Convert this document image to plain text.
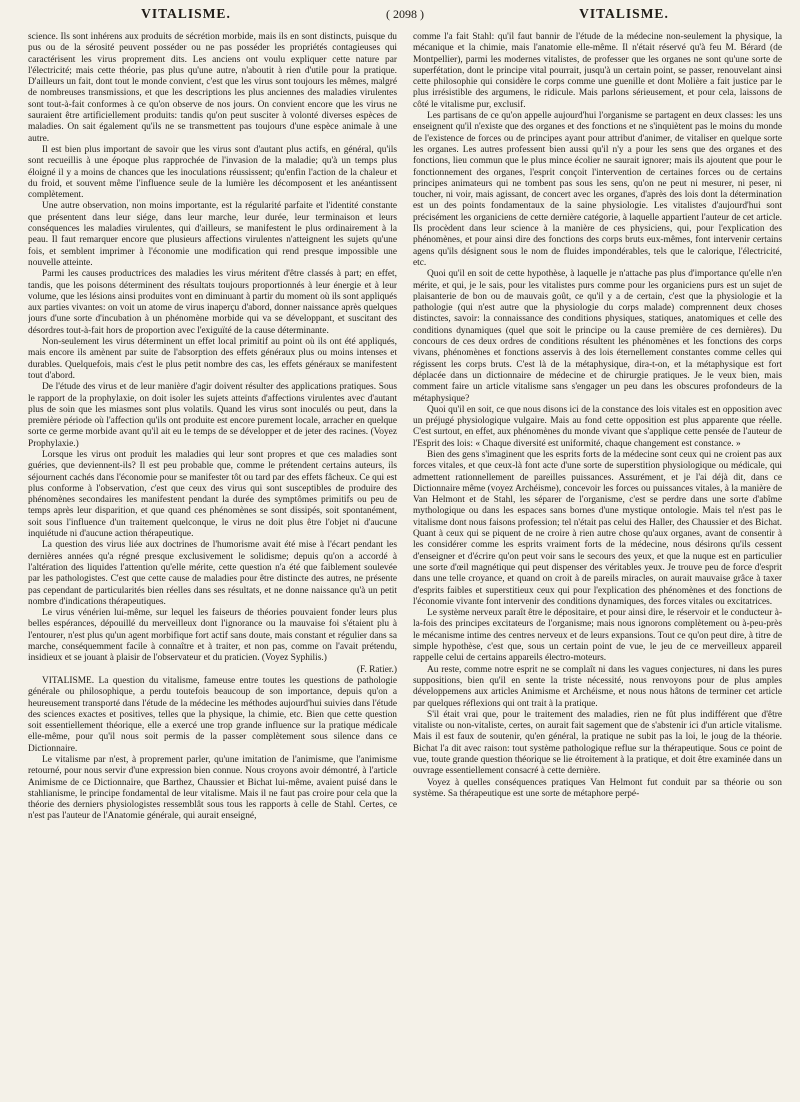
VITALISME.	( 2098 )	VITALISME.

science. Ils sont inhérens aux produits de sécrétion morbide, mais ils en sont distincts, puisque du pus ou de la sérosité peuvent posséder ou ne pas posséder les propriétés contagieuses qui caractérisent les virus proprement dits. Les anciens ont voulu expliquer cette nature par l'électricité; mais cette théorie, pas plus qu'une autre, n'aboutit à rien d'utile pour la pratique. D'ailleurs un fait, dont tout le monde convient, c'est que les virus sont toujours les mêmes, malgré de nombreuses transmissions, et que les descriptions les plus anciennes des maladies virulentes sont tout-à-fait conformes à ce qu'on observe de nos jours. On convient encore que les virus ne sauraient être artificiellement produits: tandis qu'on peut susciter à volonté diverses espèces de maladies. On sait également qu'ils ne se transmettent pas toujours d'une espèce animale à une autre.

Il est bien plus important de savoir que les virus sont d'autant plus actifs, en général, qu'ils sont recueillis à une époque plus rapprochée de l'invasion de la maladie; qu'à un temps plus éloigné il y a moins de chances que les inoculations réussissent; qu'enfin l'action de la chaleur et du froid, et souvent même l'influence seule de la lumière les décomposent et les anéantissent complètement.

Une autre observation, non moins importante, est la régularité parfaite et l'identité constante que présentent dans leur siége, dans leur marche, leur durée, leur terminaison et leurs conséquences les maladies virulentes, qui d'ailleurs, se manifestent le plus ordinairement à la peau. Il faut remarquer encore que plusieurs affections virulentes n'atteignent les sujets qu'une fois, et semblent imprimer à l'économie une modification qui rend presque impossible une nouvelle atteinte.

Parmi les causes productrices des maladies les virus méritent d'être classés à part; en effet, tandis, que les poisons déterminent des résultats toujours proportionnés à leur énergie et à leur volume, que les lésions ainsi produites vont en diminuant à partir du moment où ils sont appliqués aux parties vivantes: on voit un atome de virus inaperçu d'abord, donner naissance après quelques jours d'une sorte d'incubation à un phénomène morbide qui va se développant, et suscitant des désordres tout-à-fait hors de proportion avec l'exiguïté de la cause déterminante.

Non-seulement les virus déterminent un effet local primitif au point où ils ont été appliqués, mais encore ils amènent par suite de l'absorption des effets généraux plus ou moins intenses et durables. Quelquefois, mais c'est le plus petit nombre des cas, les effets généraux se manifestent tout d'abord.

De l'étude des virus et de leur manière d'agir doivent résulter des applications pratiques. Sous le rapport de la prophylaxie, on doit isoler les sujets atteints d'affections virulentes avec d'autant plus de soin que les miasmes sont plus volatils. Quand les virus sont inoculés ou peut, dans la première période où l'affection qu'ils ont produite est encore purement locale, arracher en quelque sorte ce germe morbide avant qu'il ait eu le temps de se développer et de jeter des racines. (Voyez Prophylaxie.)

Lorsque les virus ont produit les maladies qui leur sont propres et que ces maladies sont guéries, que deviennent-ils? Il est peu probable que, comme le prétendent certains auteurs, ils séjournent cachés dans l'économie pour se manifester tôt ou tard par des effets fâcheux. Ce qui est plus conforme à l'observation, c'est que ceux des virus qui sont susceptibles de produire des phénomènes secondaires les manifestent pendant la durée des symptômes primitifs ou peu de temps après leur disparition, et que quand ces phénomènes se sont dissipés, soit spontanément, soit sous l'influence d'un traitement quelconque, le virus ne doit plus être l'objet ni d'aucune inquiétude ni d'aucune action thérapeutique.

La question des virus liée aux doctrines de l'humorisme avait été mise à l'écart pendant les dernières années qu'a régné presque exclusivement le solidisme; depuis qu'on a accordé à l'altération des liquides l'attention qu'elle mérite, cette question n'a été que faiblement soulevée par les pathologistes. C'est que cette cause de maladies pour être distincte des autres, ne présente pas cependant de particularités bien réelles dans ses résultats, et ne donne naissance qu'à un petit nombre d'indications thérapeutiques.

Le virus vénérien lui-même, sur lequel les faiseurs de théories pouvaient fonder leurs plus belles espérances, dépouillé du merveilleux dont l'ignorance ou la mauvaise foi s'étaient plu à l'entourer, n'est plus qu'un agent morbifique fort actif sans doute, mais constant et régulier dans sa marche, conséquemment facile à connaître et à traiter, et non pas, comme on l'avait prétendu, insidieux et se jouant à plaisir de l'observateur et du praticien. (Voyez Syphilis.)

(F. Ratier.)

VITALISME. La question du vitalisme, fameuse entre toutes les questions de pathologie générale ou philosophique, a perdu toutefois beaucoup de son importance, depuis qu'on a heureusement transporté dans l'étude de la médecine les méthodes aujourd'hui suivies dans l'étude des sciences exactes et positives, telles que la physique, la chimie, etc. Bien que cette question soit essentiellement théorique, elle a exercé une trop grande influence sur la pratique médicale elle-même, pour qu'il nous soit permis de la passer complètement sous silence dans ce Dictionnaire.

Le vitalisme par n'est, à proprement parler, qu'une imitation de l'animisme, que l'animisme retourné, pour nous servir d'une expression bien connue. Nous croyons avoir démontré, à l'article Animisme de ce Dictionnaire, que Barthez, Chaussier et Bichat lui-même, avaient puisé dans le stahlianisme, le principe fondamental de leur vitalisme. Mais il ne faut pas croire pour cela que la théorie des derniers physiologistes ressemblât sous tous les rapports à celle de Stahl. Certes, ce n'est pas l'auteur de l'Anatomie générale, qui aurait enseigné,

comme l'a fait Stahl: qu'il faut bannir de l'étude de la médecine non-seulement la physique, la mécanique et la chimie, mais l'anatomie elle-même. Il n'était réservé qu'à feu M. Bérard (de Montpellier), parmi les modernes vitalistes, de professer que les organes ne sont qu'une sorte de superfétation, dont le principe vital pourrait, jusqu'à un certain point, se passer, renouvelant ainsi cette philosophie qui considère le corps comme une guenille et dont Molière a fait justice par le plus irrésistible des argumens, le ridicule. Mais parlons sérieusement, et pour cela, laissons de côté le vitalisme pur, exclusif.

Les partisans de ce qu'on appelle aujourd'hui l'organisme se partagent en deux classes: les uns enseignent qu'il n'existe que des organes et des fonctions et ne s'inquiètent pas le moins du monde de l'existence de forces ou de principes ayant pour attribut d'animer, de vitaliser en quelque sorte les organes. Les autres professent bien aussi qu'il n'y a pour les sens que des organes et des fonctions, lieu commun que le plus mince écolier ne saurait ignorer; mais ils ajoutent que pour le fonctionnement des organes, l'esprit conçoit l'intervention de certaines forces ou de certains principes animateurs qui ne tombent pas sous les sens, qu'on ne peut ni mesurer, ni peser, ni toucher, ni voir, mais agissant, de concert avec les organes, d'après des lois dont la détermination est un des points fondamentaux de la saine physiologie. Les vitalistes d'aujourd'hui sont précisément les organiciens de cette dernière catégorie, à laquelle appartient l'auteur de cet article. Ils procèdent dans leur science à la manière de ces physiciens, qui, pour l'explication des phénomènes, et pour ainsi dire des fonctions des corps bruts eux-mêmes, font intervenir certains agens qu'ils désignent sous le nom de fluides impondérables, tels que le calorique, l'électricité, etc.

Quoi qu'il en soit de cette hypothèse, à laquelle je n'attache pas plus d'importance qu'elle n'en mérite, et qui, je le sais, pour les vitalistes purs comme pour les organiciens purs est un sujet de plaisanterie de bon ou de mauvais goût, ce qu'il y a de certain, c'est que la physiologie et la pathologie (qui n'est autre que la physiologie du corps malade) comprennent deux choses distinctes, savoir: la connaissance des conditions physiques, statiques, anatomiques et celle des conditions dynamiques (quel que soit le principe ou la cause première de ces dernières). Du concours de ces deux ordres de conditions résultent les phénomènes et les fonctions des corps vivans, phénomènes et fonctions asservis à des lois éternellement constantes comme celles qui régissent les corps bruts. C'est là de la métaphysique, dira-t-on, et la métaphysique est fort déplacée dans un dictionnaire de médecine et de chirurgie pratiques. Je le veux bien, mais comment faire un article vitalisme sans s'engager un peu dans les obscures profondeurs de la métaphysique?

Quoi qu'il en soit, ce que nous disons ici de la constance des lois vitales est en opposition avec un préjugé physiologique vulgaire. Mais au fond cette opposition est plus apparente que réelle. C'est surtout, en effet, aux phénomènes du monde vivant que s'applique cette pensée de l'auteur de l'Esprit des lois: « Chaque diversité est uniformité, chaque changement est constance. »

Bien des gens s'imaginent que les esprits forts de la médecine sont ceux qui ne croient pas aux forces vitales, et que ceux-là font acte d'une sorte de superstition physiologique ou médicale, qui admettent rationnellement de pareilles puissances. Assurément, et je l'ai déjà dit, dans ce Dictionnaire même (voyez Archéisme), concevoir les forces ou puissances vitales, à la manière de Van Helmont et de Stahl, les séparer de l'organisme, c'est se perdre dans une sorte d'abîme mythologique ou dans les espaces sans bornes d'une mystique ontologie. Mais tel n'est pas le vitalisme dont nous faisons profession; tel n'était pas celui des Haller, des Chaussier et des Bichat. Quant à ceux qui se piquent de ne croire à rien autre chose qu'aux organes, avant de consentir à les considérer comme les esprits vraiment forts de la médecine, nous désirons qu'ils cessent d'enseigner et d'écrire qu'on peut voir sans le secours des yeux, et que la nuque est en particulier une sorte d'œil magnétique qui peut dispenser des véritables yeux. Je trouve peu de force d'esprit dans une telle croyance, et quand on croit à de pareils miracles, on aurait mauvaise grâce à taxer d'esprits faibles et superstitieux ceux qui pour l'explication des phénomènes et des fonctions de l'économie vivante font intervenir des conditions dynamiques, des forces vitales ou excitatrices.

Le système nerveux paraît être le dépositaire, et pour ainsi dire, le réservoir et le conducteur à-la-fois des principes excitateurs de l'organisme; mais nous ignorons complètement ou à-peu-près le mécanisme intime des centres nerveux et de leurs expansions. Tout ce qu'on peut dire, à titre de simple hypothèse, c'est que, sous un certain point de vue, le jeu de ce merveilleux appareil rappelle celui de certains appareils électro-moteurs.

Au reste, comme notre esprit ne se complaît ni dans les vagues conjectures, ni dans les pures suppositions, bien qu'il en sente la triste nécessité, nous renvoyons pour de plus amples développemens aux articles Animisme et Archéisme, et nous nous hâtons de terminer cet article par quelques réflexions qui ont trait à la pratique.

S'il était vrai que, pour le traitement des maladies, rien ne fût plus indifférent que d'être vitaliste ou non-vitaliste, certes, on aurait fait sagement que de s'abstenir ici d'un article vitalisme. Mais il est faux de soutenir, qu'en général, la pratique ne subit pas la loi, le joug de la théorie. Bichat l'a dit avec raison: tout système pathologique reflue sur la thérapeutique. Sous ce point de vue, toute grande question théorique se lie étroitement à la pratique, et doit être examinée dans un ouvrage essentiellement consacré à cette dernière.

Voyez à quelles conséquences pratiques Van Helmont fut conduit par sa théorie ou son système. Sa thérapeutique est une sorte de métaphore perpé-
